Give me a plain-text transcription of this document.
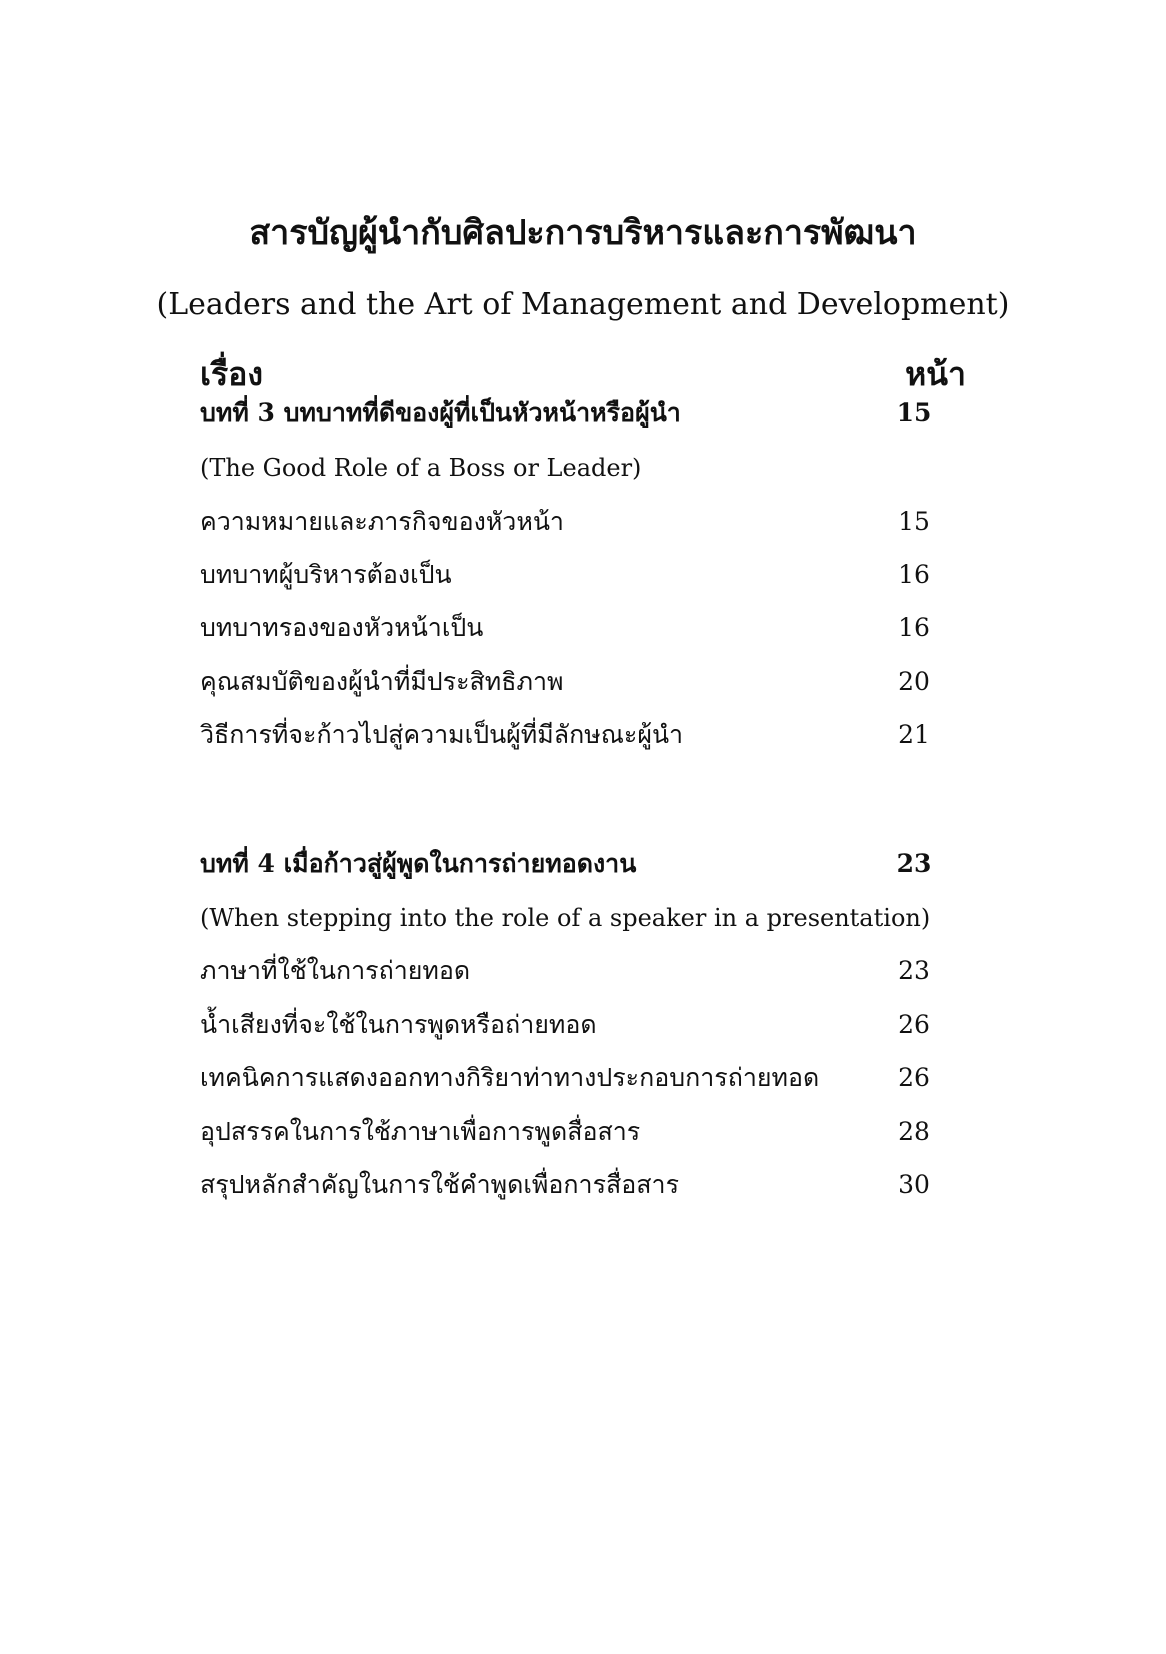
สารบัญผู้นำกับศิลปะการบริหารและการพัฒนา
(Leaders and the Art of Management and Development)
เรื่อง	หน้า
บทที่ 3 บทบาทที่ดีของผู้ที่เป็นหัวหน้าหรือผู้นำ	15
(The Good Role of a Boss or Leader)
ความหมายและภารกิจของหัวหน้า	15
บทบาทผู้บริหารต้องเป็น	16
บทบาทรองของหัวหน้าเป็น	16
คุณสมบัติของผู้นำที่มีประสิทธิภาพ	20
วิธีการที่จะก้าวไปสู่ความเป็นผู้ที่มีลักษณะผู้นำ	21
บทที่ 4 เมื่อก้าวสู่ผู้พูดในการถ่ายทอดงาน	23
(When stepping into the role of a speaker in a presentation)
ภาษาที่ใช้ในการถ่ายทอด	23
น้ำเสียงที่จะใช้ในการพูดหรือถ่ายทอด	26
เทคนิคการแสดงออกทางกิริยาท่าทางประกอบการถ่ายทอด	26
อุปสรรคในการใช้ภาษาเพื่อการพูดสื่อสาร	28
สรุปหลักสำคัญในการใช้คำพูดเพื่อการสื่อสาร	30
